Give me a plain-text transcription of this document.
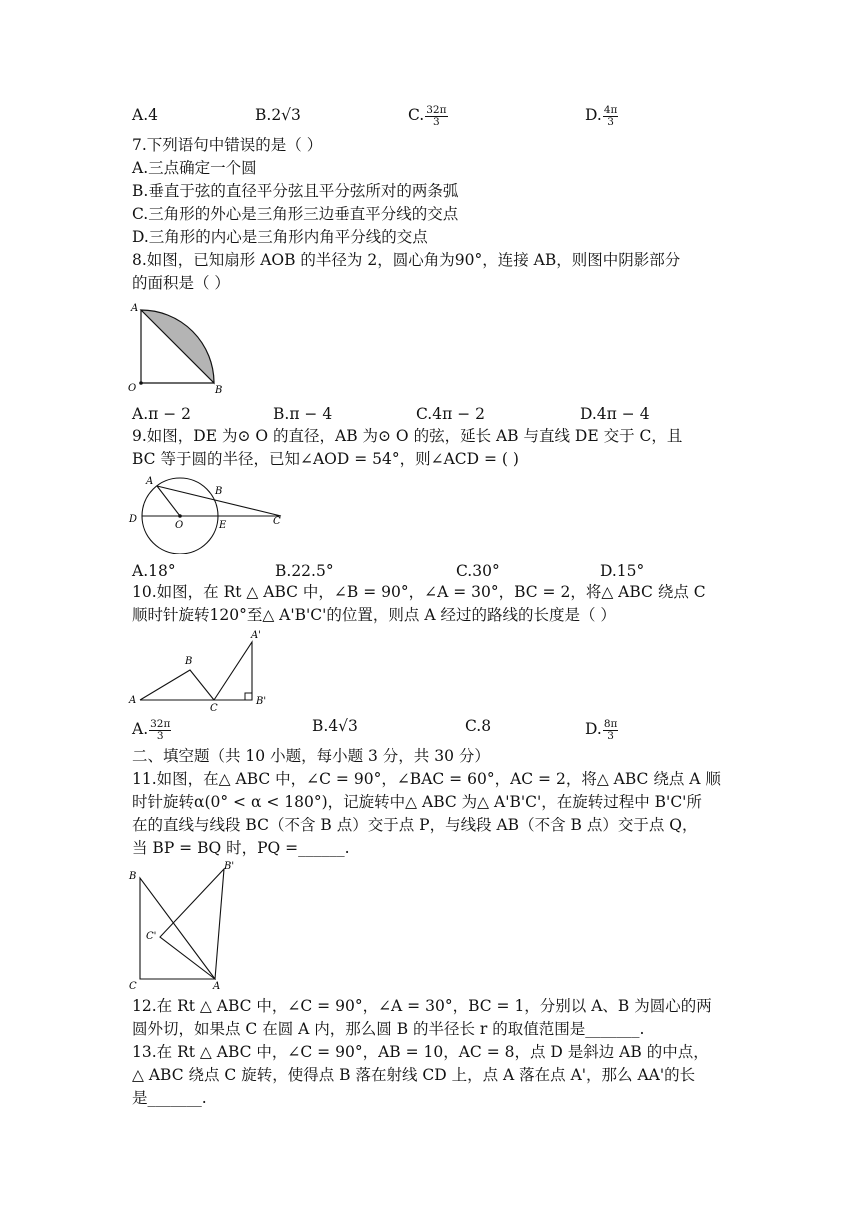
A.4	B.2√3	C. $\frac{32\pi}{3}$	D. $\frac{4\pi}{3}$
7.下列语句中错误的是（ ）
A.三点确定一个圆
B.垂直于弦的直径平分弦且平分弦所对的两条弧
C.三角形的外心是三角形三边垂直平分线的交点
D.三角形的内心是三角形内角平分线的交点
8.如图，已知扇形 AOB 的半径为 2，圆心角为90°，连接 AB，则图中阴影部分
的面积是（ ）
A
O	B
A.π − 2	B.π − 4	C.4π − 2	D.4π − 4
9.如图，DE 为⊙ O 的直径，AB 为⊙ O 的弦，延长 AB 与直线 DE 交于 C，且
BC 等于圆的半径，已知∠AOD = 54°，则∠ACD = ( )
A
B
D
O	E	C
A.18°	B.22.5°	C.30°	D.15°
10.如图，在 Rt △ ABC 中，∠B = 90°，∠A = 30°，BC = 2，将△ ABC 绕点 C
顺时针旋转120°至△ A'B'C'的位置，则点 A 经过的路线的长度是（ ）
A
B
C
A'
B'
A. $\frac{32\pi}{3}$	B.4√3	C.8	D. $\frac{8\pi}{3}$
二、填空题（共 10 小题，每小题 3 分，共 30 分）
11.如图，在△ ABC 中，∠C = 90°，∠BAC = 60°，AC = 2，将△ ABC 绕点 A 顺
时针旋转α(0° < α < 180°)，记旋转中△ ABC 为△ A'B'C'，在旋转过程中 B'C'所
在的直线与线段 BC（不含 B 点）交于点 P，与线段 AB（不含 B 点）交于点 Q，
当 BP = BQ 时，PQ =______.
B
B'
C'
C	A
12.在 Rt △ ABC 中，∠C = 90°，∠A = 30°，BC = 1，分别以 A、B 为圆心的两
圆外切，如果点 C 在圆 A 内，那么圆 B 的半径长 r 的取值范围是_______.
13.在 Rt △ ABC 中，∠C = 90°，AB = 10，AC = 8，点 D 是斜边 AB 的中点，
△ ABC 绕点 C 旋转，使得点 B 落在射线 CD 上，点 A 落在点 A'，那么 AA'的长
是_______.
